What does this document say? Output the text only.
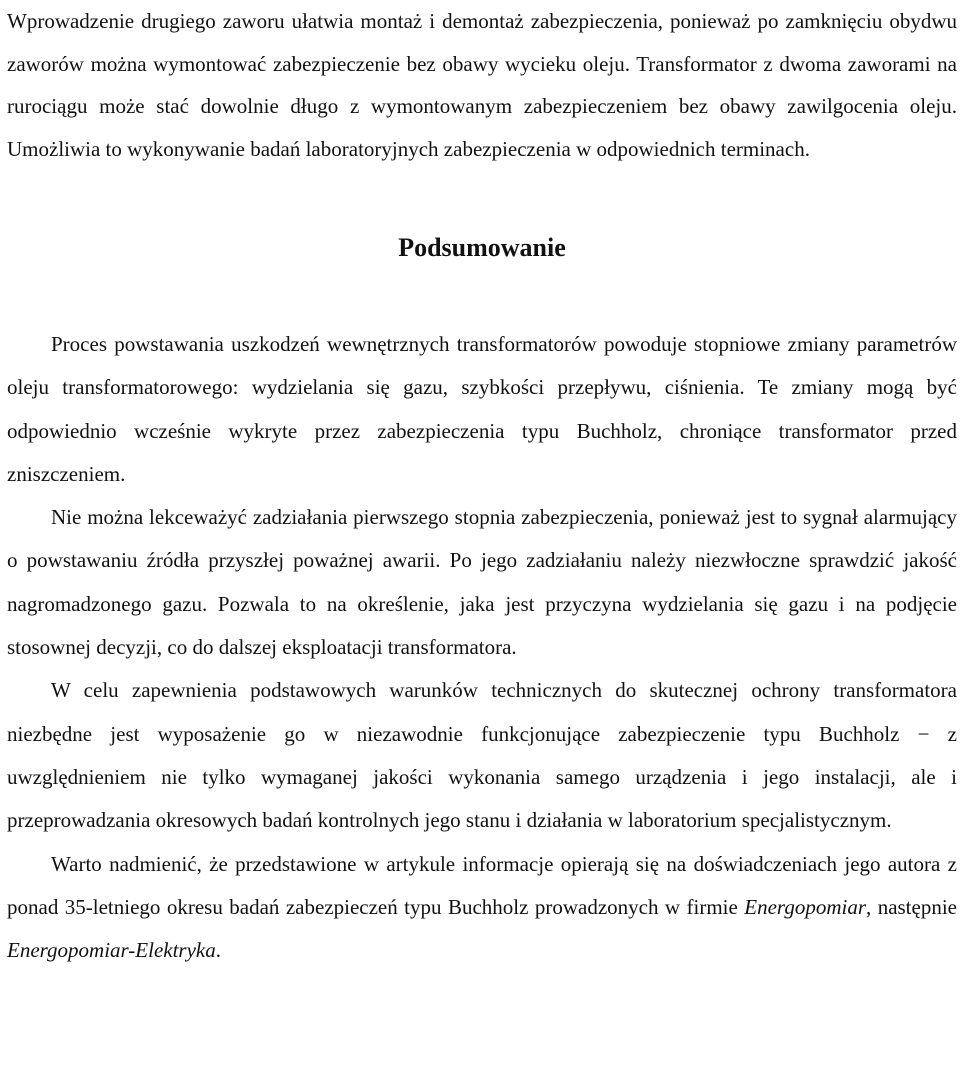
Wprowadzenie drugiego zaworu ułatwia montaż i demontaż zabezpieczenia, ponieważ po zamknięciu obydwu zaworów można wymontować zabezpieczenie bez obawy wycieku oleju. Transformator z dwoma zaworami na rurociągu może stać dowolnie długo z wymontowanym zabezpieczeniem bez obawy zawilgocenia oleju. Umożliwia to wykonywanie badań laboratoryjnych zabezpieczenia w odpowiednich terminach.

Podsumowanie

Proces powstawania uszkodzeń wewnętrznych transformatorów powoduje stopniowe zmiany parametrów oleju transformatorowego: wydzielania się gazu, szybkości przepływu, ciśnienia. Te zmiany mogą być odpowiednio wcześnie wykryte przez zabezpieczenia typu Buchholz, chroniące transformator przed zniszczeniem.

Nie można lekceważyć zadziałania pierwszego stopnia zabezpieczenia, ponieważ jest to sygnał alarmujący o powstawaniu źródła przyszłej poważnej awarii. Po jego zadziałaniu należy niezwłoczne sprawdzić jakość nagromadzonego gazu. Pozwala to na określenie, jaka jest przyczyna wydzielania się gazu i na podjęcie stosownej decyzji, co do dalszej eksploatacji transformatora.

W celu zapewnienia podstawowych warunków technicznych do skutecznej ochrony transformatora niezbędne jest wyposażenie go w niezawodnie funkcjonujące zabezpieczenie typu Buchholz − z uwzględnieniem nie tylko wymaganej jakości wykonania samego urządzenia i jego instalacji, ale i przeprowadzania okresowych badań kontrolnych jego stanu i działania w laboratorium specjalistycznym.

Warto nadmienić, że przedstawione w artykule informacje opierają się na doświadczeniach jego autora z ponad 35-letniego okresu badań zabezpieczeń typu Buchholz prowadzonych w firmie Energopomiar, następnie Energopomiar-Elektryka.
